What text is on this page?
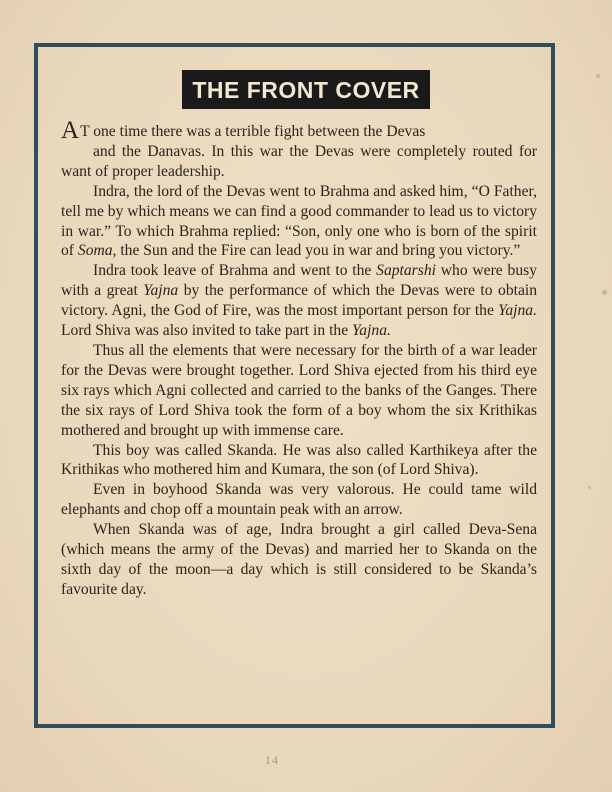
THE FRONT COVER

AT one time there was a terrible fight between the Devas

and the Danavas. In this war the Devas were completely routed for want of proper leadership.

Indra, the lord of the Devas went to Brahma and asked him, “O Father, tell me by which means we can find a good commander to lead us to victory in war.” To which Brahma replied: “Son, only one who is born of the spirit of Soma, the Sun and the Fire can lead you in war and bring you victory.”

Indra took leave of Brahma and went to the Saptarshi who were busy with a great Yajna by the performance of which the Devas were to obtain victory. Agni, the God of Fire, was the most important person for the Yajna. Lord Shiva was also invited to take part in the Yajna.

Thus all the elements that were necessary for the birth of a war leader for the Devas were brought together. Lord Shiva ejected from his third eye six rays which Agni collected and carried to the banks of the Ganges. There the six rays of Lord Shiva took the form of a boy whom the six Krithikas mothered and brought up with immense care.

This boy was called Skanda. He was also called Karthikeya after the Krithikas who mothered him and Kumara, the son (of Lord Shiva).

Even in boyhood Skanda was very valorous. He could tame wild elephants and chop off a mountain peak with an arrow.

When Skanda was of age, Indra brought a girl called Deva-Sena (which means the army of the Devas) and married her to Skanda on the sixth day of the moon—a day which is still considered to be Skanda’s favourite day.

14
